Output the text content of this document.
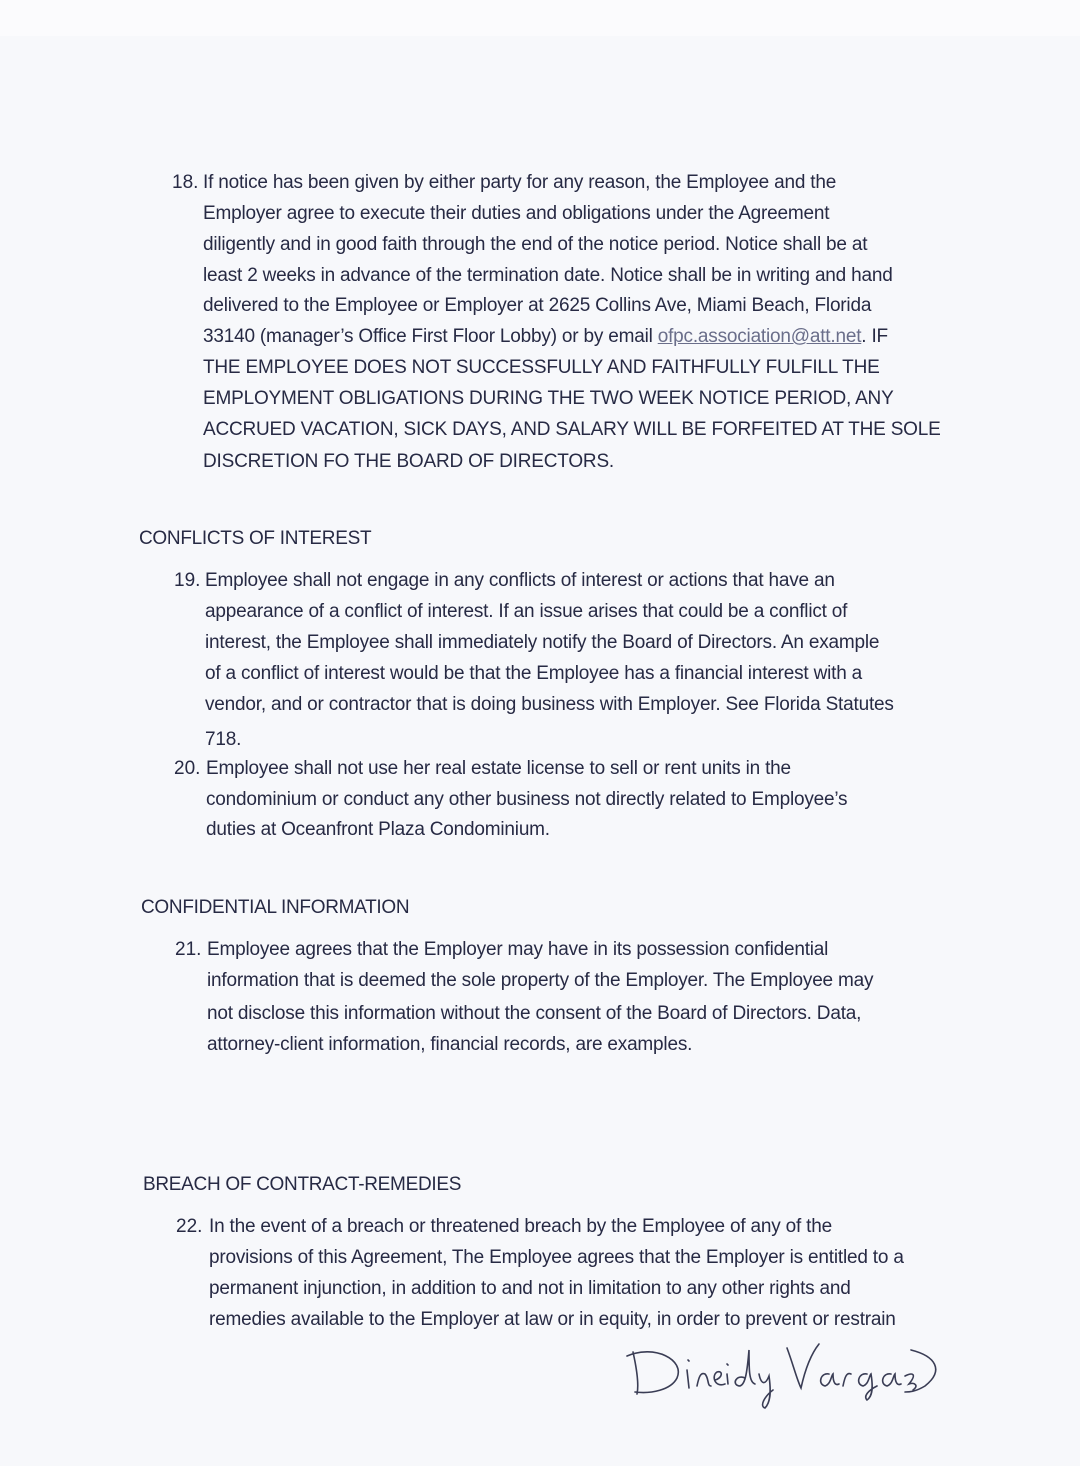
18. If notice has been given by either party for any reason, the Employee and the
Employer agree to execute their duties and obligations under the Agreement
diligently and in good faith through the end of the notice period. Notice shall be at
least 2 weeks in advance of the termination date. Notice shall be in writing and hand
delivered to the Employee or Employer at 2625 Collins Ave, Miami Beach, Florida
33140 (manager’s Office First Floor Lobby) or by email ofpc.association@att.net. IF
THE EMPLOYEE DOES NOT SUCCESSFULLY AND FAITHFULLY FULFILL THE
EMPLOYMENT OBLIGATIONS DURING THE TWO WEEK NOTICE PERIOD, ANY
ACCRUED VACATION, SICK DAYS, AND SALARY WILL BE FORFEITED AT THE SOLE
DISCRETION FO THE BOARD OF DIRECTORS.
19. Employee shall not engage in any conflicts of interest or actions that have an
appearance of a conflict of interest. If an issue arises that could be a conflict of
interest, the Employee shall immediately notify the Board of Directors. An example
of a conflict of interest would be that the Employee has a financial interest with a
vendor, and or contractor that is doing business with Employer. See Florida Statutes
718.
20. Employee shall not use her real estate license to sell or rent units in the
condominium or conduct any other business not directly related to Employee’s
duties at Oceanfront Plaza Condominium.
21. Employee agrees that the Employer may have in its possession confidential
information that is deemed the sole property of the Employer. The Employee may
not disclose this information without the consent of the Board of Directors. Data,
attorney-client information, financial records, are examples.
22. In the event of a breach or threatened breach by the Employee of any of the
provisions of this Agreement, The Employee agrees that the Employer is entitled to a
permanent injunction, in addition to and not in limitation to any other rights and
remedies available to the Employer at law or in equity, in order to prevent or restrain
CONFLICTS OF INTEREST
CONFIDENTIAL INFORMATION
BREACH OF CONTRACT-REMEDIES
